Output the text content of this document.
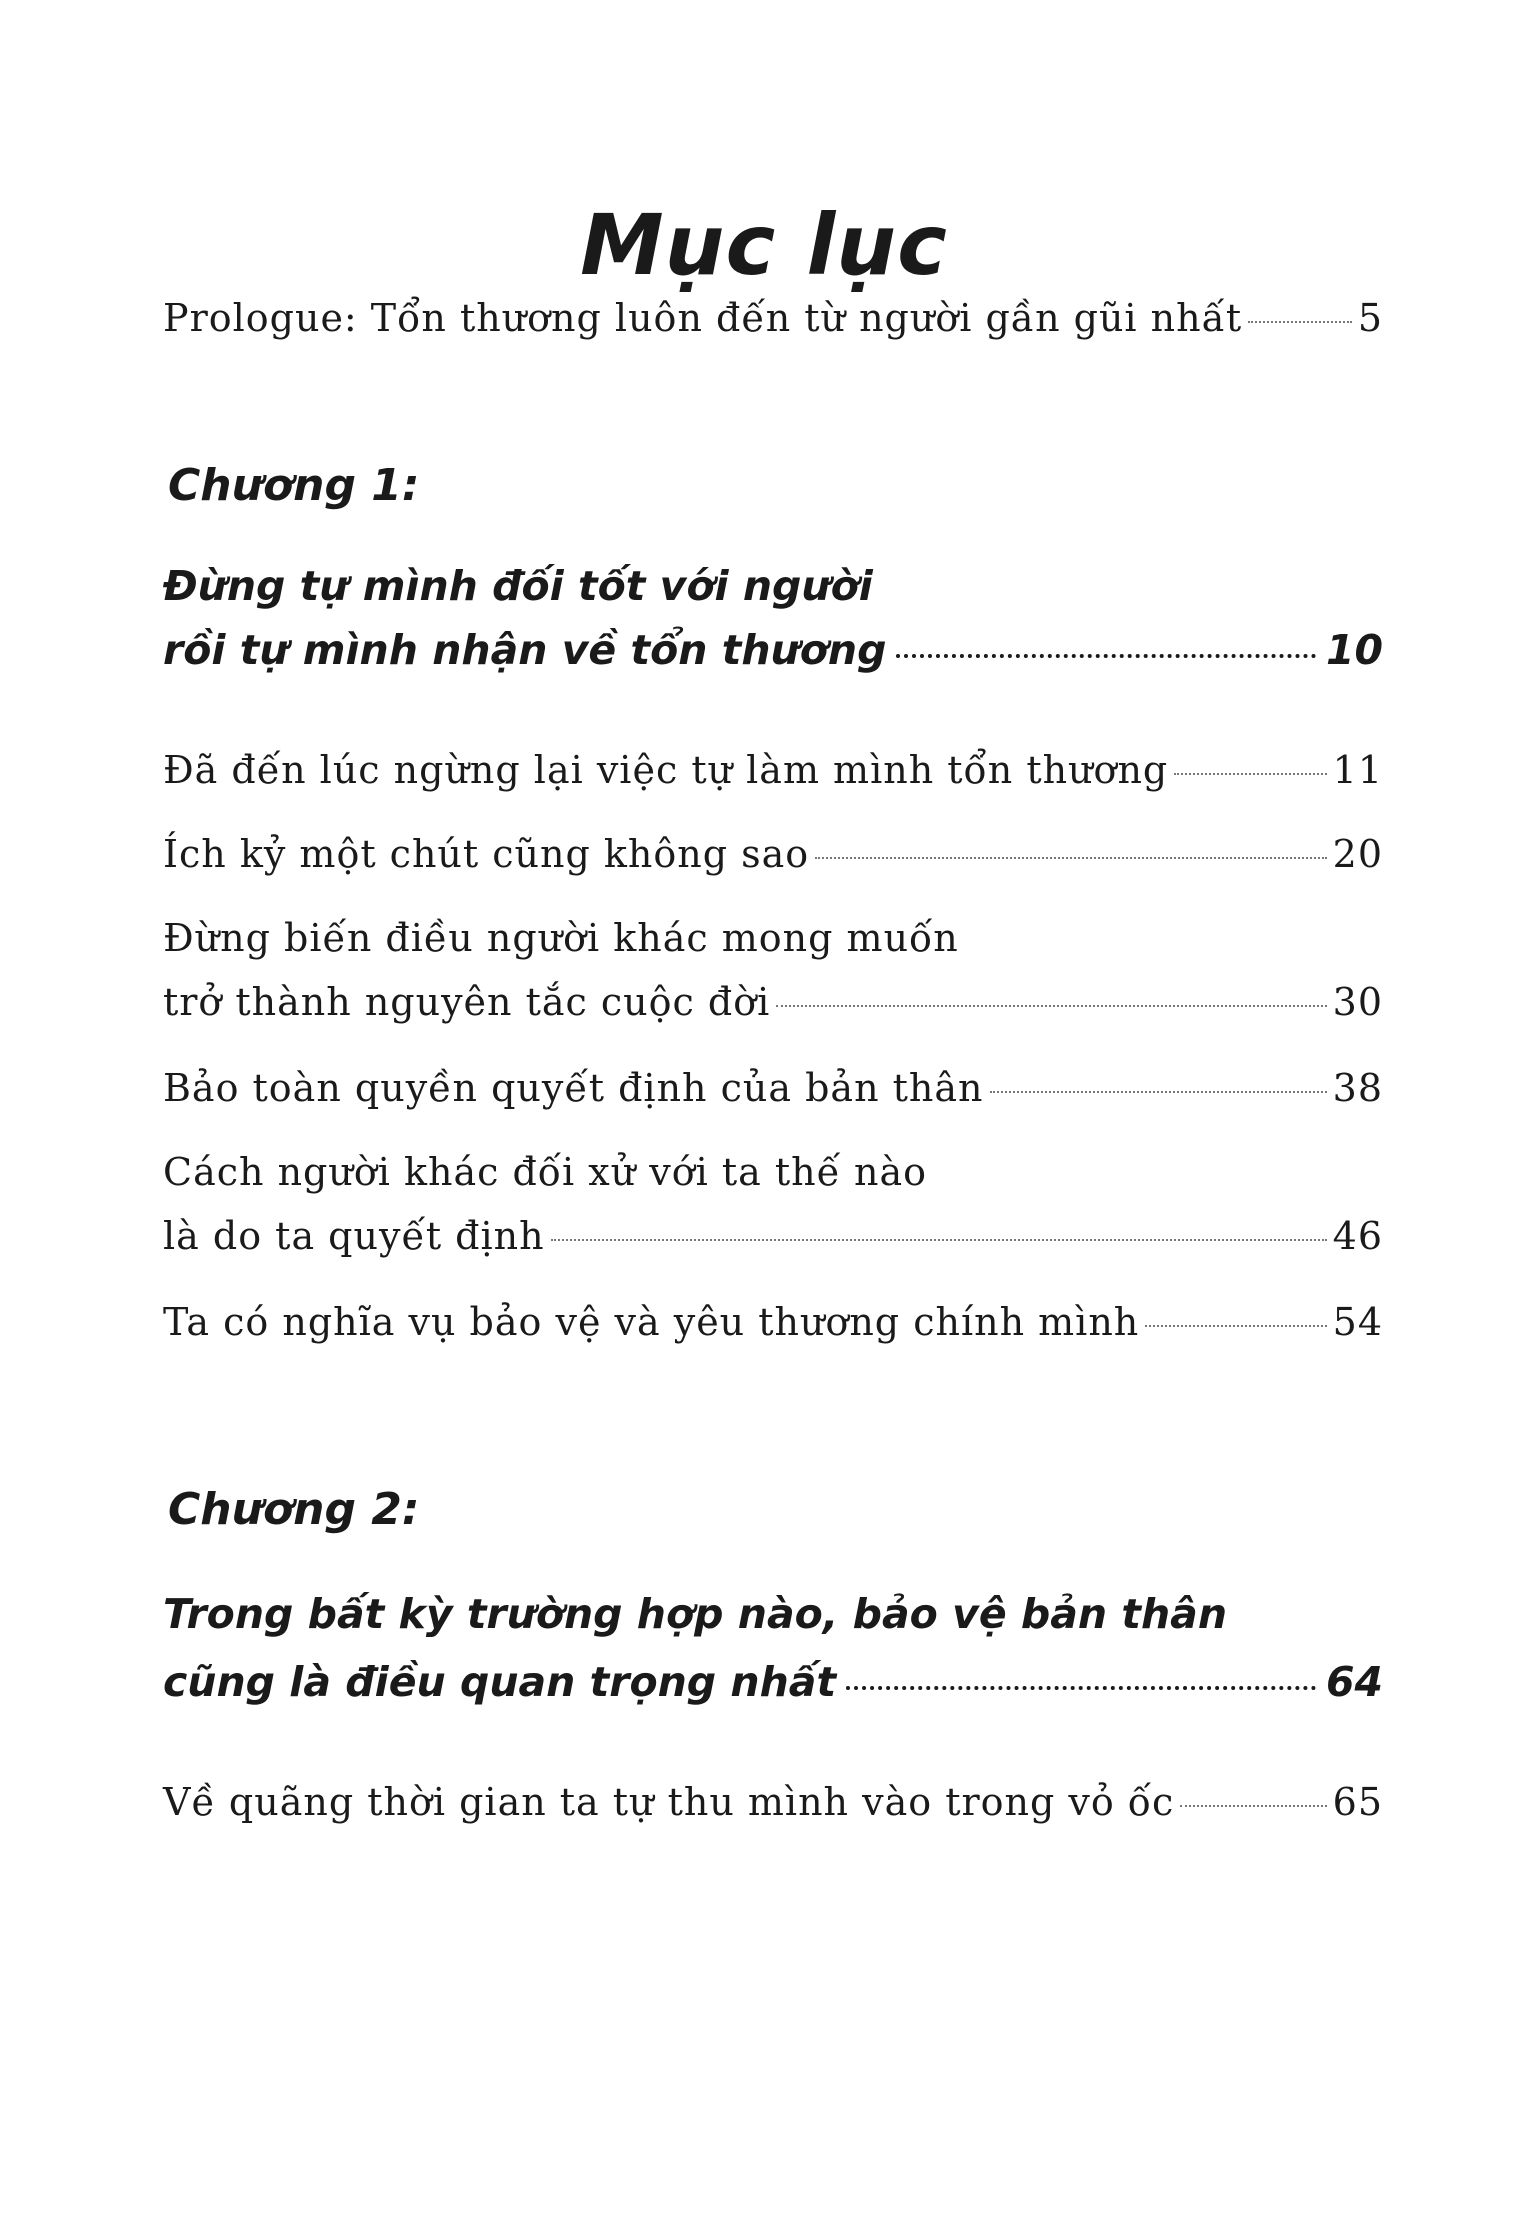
Mục lục
Prologue: Tổn thương luôn đến từ người gần gũi nhất	5
Chương 1:
Đừng tự mình đối tốt với người
rồi tự mình nhận về tổn thương	10
Đã đến lúc ngừng lại việc tự làm mình tổn thương	11
Ích kỷ một chút cũng không sao	20
Đừng biến điều người khác mong muốn
trở thành nguyên tắc cuộc đời	30
Bảo toàn quyền quyết định của bản thân	38
Cách người khác đối xử với ta thế nào
là do ta quyết định	46
Ta có nghĩa vụ bảo vệ và yêu thương chính mình	54
Chương 2:
Trong bất kỳ trường hợp nào, bảo vệ bản thân
cũng là điều quan trọng nhất	64
Về quãng thời gian ta tự thu mình vào trong vỏ ốc	65
